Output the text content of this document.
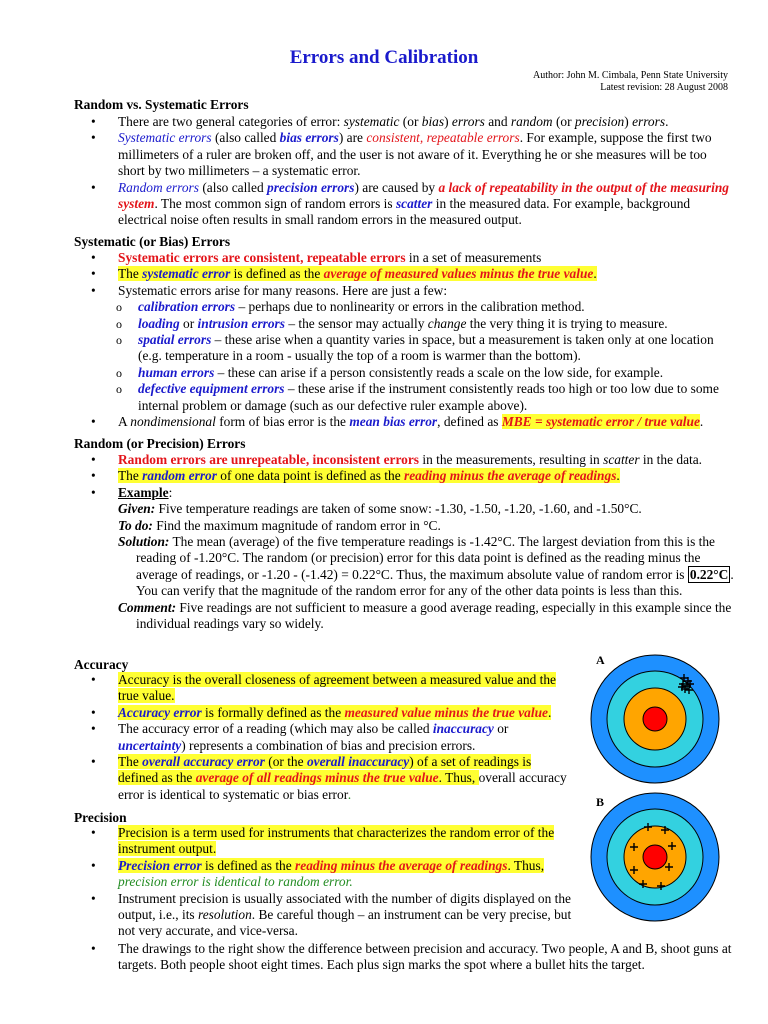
Errors and Calibration
Author: John M. Cimbala, Penn State University
Latest revision: 28 August 2008
Random vs. Systematic Errors
• There are two general categories of error: systematic (or bias) errors and random (or precision) errors.
• Systematic errors (also called bias errors) are consistent, repeatable errors. For example, suppose the first two millimeters of a ruler are broken off, and the user is not aware of it. Everything he or she measures will be too short by two millimeters – a systematic error.
• Random errors (also called precision errors) are caused by a lack of repeatability in the output of the measuring system. The most common sign of random errors is scatter in the measured data. For example, background electrical noise often results in small random errors in the measured output.
Systematic (or Bias) Errors
• Systematic errors are consistent, repeatable errors in a set of measurements
• The systematic error is defined as the average of measured values minus the true value.
• Systematic errors arise for many reasons. Here are just a few:
o calibration errors – perhaps due to nonlinearity or errors in the calibration method.
o loading or intrusion errors – the sensor may actually change the very thing it is trying to measure.
o spatial errors – these arise when a quantity varies in space, but a measurement is taken only at one location (e.g. temperature in a room - usually the top of a room is warmer than the bottom).
o human errors – these can arise if a person consistently reads a scale on the low side, for example.
o defective equipment errors – these arise if the instrument consistently reads too high or too low due to some internal problem or damage (such as our defective ruler example above).
• A nondimensional form of bias error is the mean bias error, defined as MBE = systematic error / true value.
Random (or Precision) Errors
• Random errors are unrepeatable, inconsistent errors in the measurements, resulting in scatter in the data.
• The random error of one data point is defined as the reading minus the average of readings.
• Example:
Given: Five temperature readings are taken of some snow: -1.30, -1.50, -1.20, -1.60, and -1.50°C.
To do: Find the maximum magnitude of random error in °C.
Solution: The mean (average) of the five temperature readings is -1.42°C. The largest deviation from this is the reading of -1.20°C. The random (or precision) error for this data point is defined as the reading minus the average of readings, or -1.20 - (-1.42) = 0.22°C. Thus, the maximum absolute value of random error is 0.22°C . You can verify that the magnitude of the random error for any of the other data points is less than this.
Comment: Five readings are not sufficient to measure a good average reading, especially in this example since the individual readings vary so widely.
Accuracy
• Accuracy is the overall closeness of agreement between a measured value and the true value.
• Accuracy error is formally defined as the measured value minus the true value.
• The accuracy error of a reading (which may also be called inaccuracy or uncertainty) represents a combination of bias and precision errors.
• The overall accuracy error (or the overall inaccuracy) of a set of readings is defined as the average of all readings minus the true value. Thus, overall accuracy error is identical to systematic or bias error.
Precision
• Precision is a term used for instruments that characterizes the random error of the instrument output.
• Precision error is defined as the reading minus the average of readings. Thus, precision error is identical to random error.
• Instrument precision is usually associated with the number of digits displayed on the output, i.e., its resolution. Be careful though – an instrument can be very precise, but not very accurate, and vice-versa.
• The drawings to the right show the difference between precision and accuracy. Two people, A and B, shoot guns at targets. Both people shoot eight times. Each plus sign marks the spot where a bullet hits the target.
A
B
